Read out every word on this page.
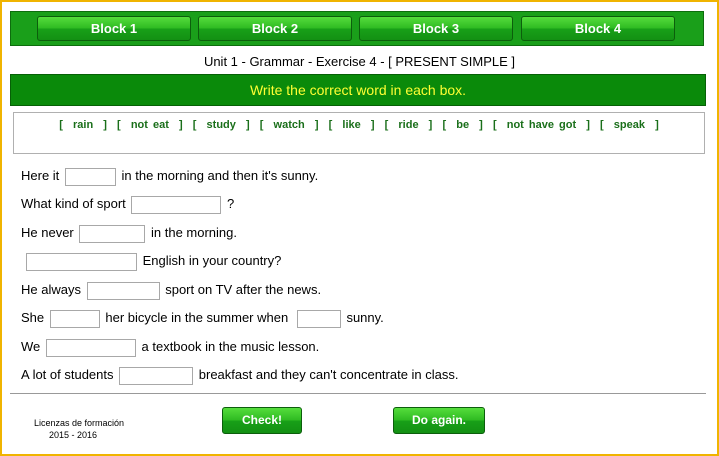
Block 1	Block 2	Block 3	Block 4
Unit 1 - Grammar - Exercise 4 - [ PRESENT SIMPLE ]
Write the correct word in each box.
[  rain  ]  [  not eat  ]  [  study  ]  [  watch  ]  [  like  ]  [  ride  ]  [  be  ]  [  not have got  ]  [  speak  ]
Here it	in the morning and then it's sunny.
What kind of sport	?
He never	in the morning.
English in your country?
He always	sport on TV after the news.
She	her bicycle in the summer when	sunny.
We	a textbook in the music lesson.
A lot of students	breakfast and they can't concentrate in class.
Licenzas de formación
2015 - 2016
Check!	Do again.
